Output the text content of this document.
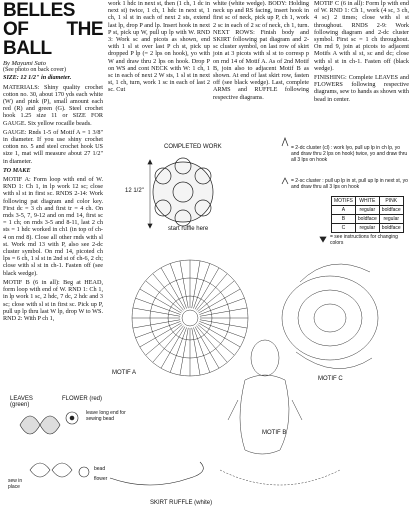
BELLES
OF THE BALL
By Mayumi Sato
(See photo on back cover)

SIZE: 12 1/2" in diameter.

MATERIALS: Shiny quality crochet cotton no. 30, about 170 yds each white (W) and pink (P), small amount each red (R) and green (G). Steel crochet hook 1.25 size 11 or SIZE FOR GAUGE. Six yellow rocaille beads.

GAUGE: Rnds 1-5 of Motif A = 1 3/8" in diameter. If you use shiny crochet cotton no. 5 and steel crochet hook US size 1, mat will measure about 27 1/2" in diameter.

TO MAKE

MOTIF A: Form loop with end of W. RND 1: Ch 1, in lp work 12 sc; close with sl st in first sc. RNDS 2-14: Work following pat diagram and color key. First dc = 3 ch and first tr = 4 ch. On rnds 3-5, 7, 9-12 and on rnd 14, first sc = 1 ch; on rnds 3-5 and 8-11, last 2 ch sts = 1 hdc worked in ch1 (in top of ch-4 on rnd 8). Close all other rnds with sl st. Work rnd 13 with P, also see 2-dc cluster symbol. On rnd 14, picoted ch lps = 6 ch, 1 sl st in 2nd st of ch-6, 2 ch; close with sl st in ch-1. Fasten off (see black wedge).

MOTIF B (6 in all): Beg at HEAD, form loop with end of W. RND 1: Ch 1, in lp work 1 sc, 2 hdc, 7 dc, 2 hdc and 3 sc; close with sl st in first sc. Pick up P, pull up lp thru last W lp, drop W to WS. RND 2: With P ch 1,

work 1 hdc in next st, then (1 ch, 1 dc in next st) twice, 1 ch, 1 hdc in next st, 1 ch, 1 sl st in each of next 2 sts, extend last lp, drop P and lp. Insert hook in next P st, pick up W, pull up lp with W. RND 3: Work sc and picots as shown, end with 1 sl st over last P ch st, pick up dropped P lp (= 2 lps on hook), yo with W and draw thru 2 lps on hook. Drop P on WS and cont NECK with W: 1 ch, 1 sc in each of next 2 W sts, 1 sl st in next st, 1 ch, turn, work 1 sc in each of last 2 sc. Cut

white (white wedge). BODY: Holding neck up and RS facing, insert hook in first sc of neck, pick up P, ch 1, work 2 sc in each of 2 sc of neck, ch 1, turn. NEXT ROWS: Finish body and SKIRT following pat diagram and 2-sc cluster symbol, on last row of skirt join at 3 picots with sl st to corresp p on rnd 14 of Motif A. As of 2nd Motif B, join also to adjacent Motif B as shown. At end of last skirt row, fasten off (see black wedge). Last, complete ARMS and RUFFLE following respective diagrams.

MOTIF C (6 in all): Form lp with end of W. RND 1: Ch 1, work (4 sc, 3 ch, 4 sc) 2 times; close with sl st throughout. RNDS 2-9: Work following diagram and 2-dc cluster symbol. First sc = 1 ch throughout. On rnd 9, join at picots to adjacent Motifs A with sl st, sc and dc; close with sl st in ch-1. Fasten off (black wedge).

FINISHING: Complete LEAVES and FLOWERS following respective diagrams, sew to hands as shown with bead in center.

COMPLETED WORK
12 1/2"
start ruffle here
= 2-dc cluster (cl) : work lyo, pull up lp in ch lp, yo and draw thru 2 lps on hook) twice, yo and draw thru all 3 lps on hook
= 2-sc cluster : pull up lp in st, pull up lp in next st, yo and draw thru all 3 lps on hook
= see instructions for changing colors
MOTIF A
MOTIF B
MOTIF C
LEAVES (green)
FLOWER (red)
leave long end for sewing bead
sew in place
bead
flower
SKIRT RUFFLE (white)
MOTIFS	WHITE	PINK
A	regular	boldface
B	boldface	regular
C	regular	boldface
